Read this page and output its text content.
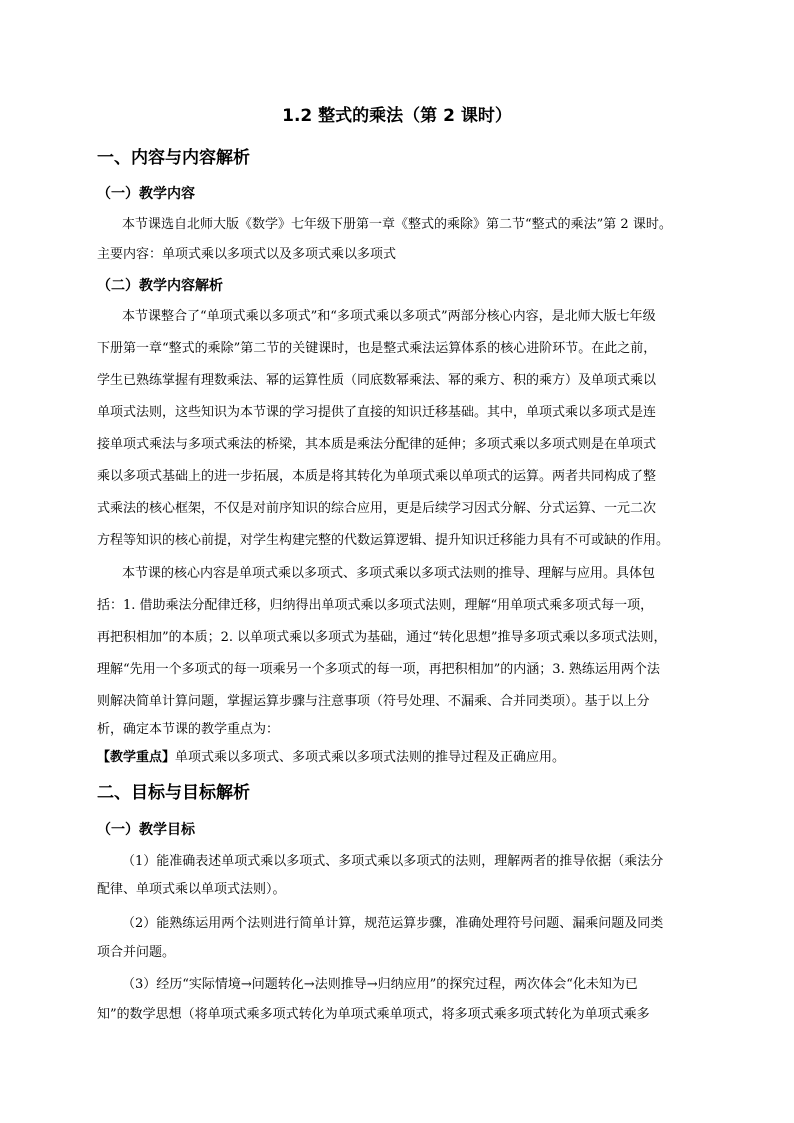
1.2 整式的乘法（第 2 课时）
一、内容与内容解析
（一）教学内容
本节课选自北师大版《数学》七年级下册第一章《整式的乘除》第二节“整式的乘法”第 2 课时。
主要内容：单项式乘以多项式以及多项式乘以多项式
（二）教学内容解析
本节课整合了“单项式乘以多项式”和“多项式乘以多项式”两部分核心内容，是北师大版七年级
下册第一章“整式的乘除”第二节的关键课时，也是整式乘法运算体系的核心进阶环节。在此之前，
学生已熟练掌握有理数乘法、幂的运算性质（同底数幂乘法、幂的乘方、积的乘方）及单项式乘以
单项式法则，这些知识为本节课的学习提供了直接的知识迁移基础。其中，单项式乘以多项式是连
接单项式乘法与多项式乘法的桥梁，其本质是乘法分配律的延伸；多项式乘以多项式则是在单项式
乘以多项式基础上的进一步拓展，本质是将其转化为单项式乘以单项式的运算。两者共同构成了整
式乘法的核心框架，不仅是对前序知识的综合应用，更是后续学习因式分解、分式运算、一元二次
方程等知识的核心前提，对学生构建完整的代数运算逻辑、提升知识迁移能力具有不可或缺的作用。
本节课的核心内容是单项式乘以多项式、多项式乘以多项式法则的推导、理解与应用。具体包
括：1. 借助乘法分配律迁移，归纳得出单项式乘以多项式法则，理解“用单项式乘多项式每一项，
再把积相加”的本质；2. 以单项式乘以多项式为基础，通过“转化思想”推导多项式乘以多项式法则，
理解“先用一个多项式的每一项乘另一个多项式的每一项，再把积相加”的内涵；3. 熟练运用两个法
则解决简单计算问题，掌握运算步骤与注意事项（符号处理、不漏乘、合并同类项）。基于以上分
析，确定本节课的教学重点为：
【教学重点】单项式乘以多项式、多项式乘以多项式法则的推导过程及正确应用。
二、目标与目标解析
（一）教学目标
（1）能准确表述单项式乘以多项式、多项式乘以多项式的法则，理解两者的推导依据（乘法分
配律、单项式乘以单项式法则）。
（2）能熟练运用两个法则进行简单计算，规范运算步骤，准确处理符号问题、漏乘问题及同类
项合并问题。
（3）经历“实际情境→问题转化→法则推导→归纳应用”的探究过程，两次体会“化未知为已
知”的数学思想（将单项式乘多项式转化为单项式乘单项式，将多项式乘多项式转化为单项式乘多
